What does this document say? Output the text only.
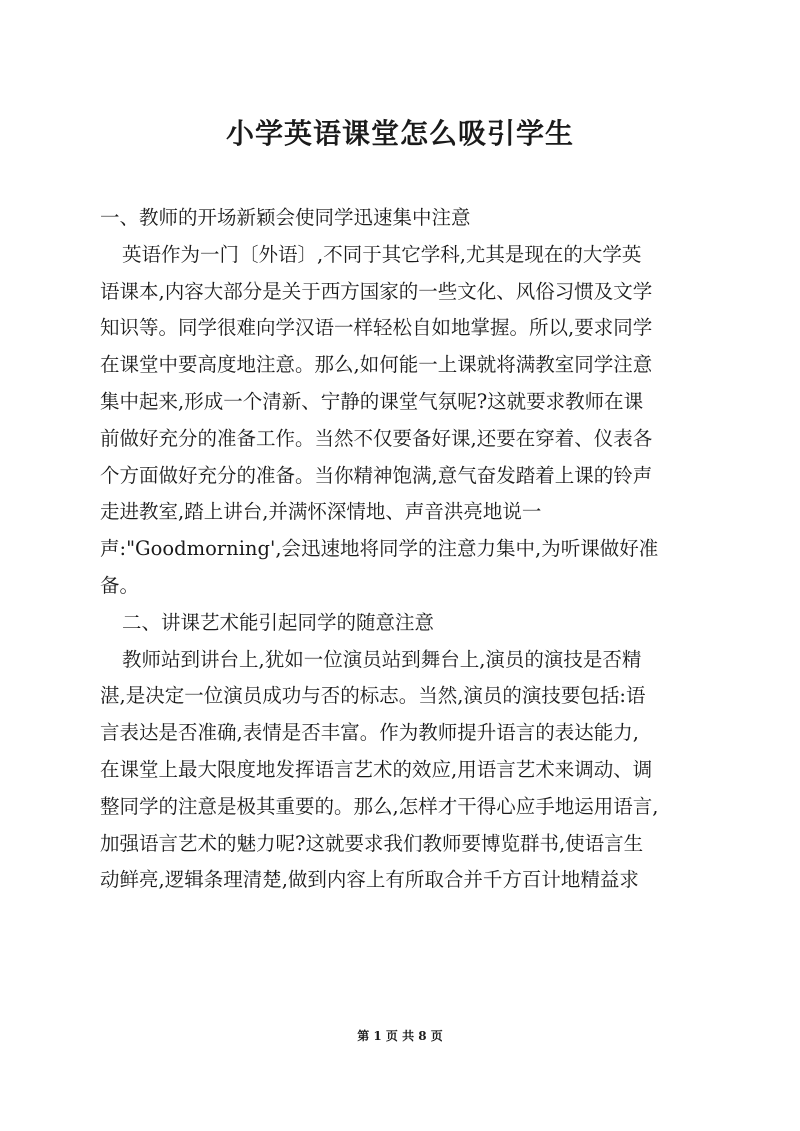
小学英语课堂怎么吸引学生
一、教师的开场新颖会使同学迅速集中注意
英语作为一门〔外语〕,不同于其它学科,尤其是现在的大学英
语课本,内容大部分是关于西方国家的一些文化、风俗习惯及文学
知识等。同学很难向学汉语一样轻松自如地掌握。所以,要求同学
在课堂中要高度地注意。那么,如何能一上课就将满教室同学注意
集中起来,形成一个清新、宁静的课堂气氛呢?这就要求教师在课
前做好充分的准备工作。当然不仅要备好课,还要在穿着、仪表各
个方面做好充分的准备。当你精神饱满,意气奋发踏着上课的铃声
走进教室,踏上讲台,并满怀深情地、声音洪亮地说一
声:"Goodmorning',会迅速地将同学的注意力集中,为听课做好准
备。
二、讲课艺术能引起同学的随意注意
教师站到讲台上,犹如一位演员站到舞台上,演员的演技是否精
湛,是决定一位演员成功与否的标志。当然,演员的演技要包括:语
言表达是否准确,表情是否丰富。作为教师提升语言的表达能力,
在课堂上最大限度地发挥语言艺术的效应,用语言艺术来调动、调
整同学的注意是极其重要的。那么,怎样才干得心应手地运用语言,
加强语言艺术的魅力呢?这就要求我们教师要博览群书,使语言生
动鲜亮,逻辑条理清楚,做到内容上有所取合并千方百计地精益求
第 1 页 共 8 页
